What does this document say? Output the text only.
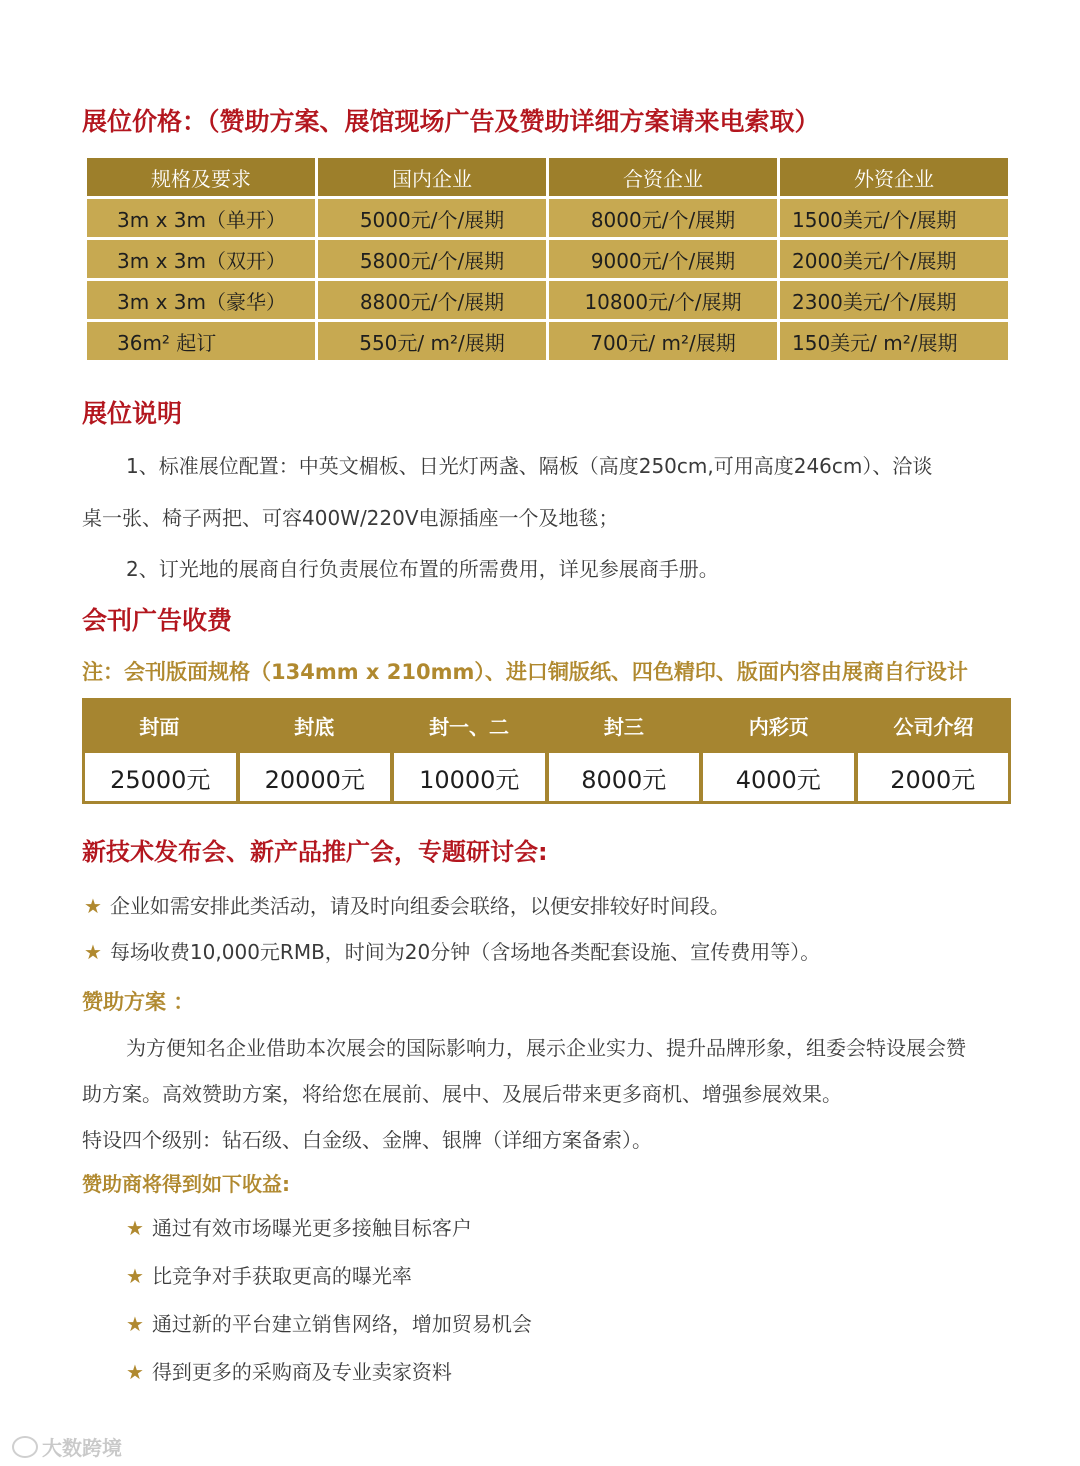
展位价格：（赞助方案、展馆现场广告及赞助详细方案请来电索取）
规格及要求	国内企业	合资企业	外资企业
3m x 3m（单开）	5000元/个/展期	8000元/个/展期	1500美元/个/展期
3m x 3m（双开）	5800元/个/展期	9000元/个/展期	2000美元/个/展期
3m x 3m（豪华）	8800元/个/展期	10800元/个/展期	2300美元/个/展期
36m² 起订	550元/ m²/展期	700元/ m²/展期	150美元/ m²/展期
展位说明
1、标准展位配置：中英文楣板、日光灯两盏、隔板（高度250cm,可用高度246cm）、洽谈
桌一张、椅子两把、可容400W/220V电源插座一个及地毯；
2、订光地的展商自行负责展位布置的所需费用，详见参展商手册。
会刊广告收费
注：会刊版面规格（134mm x 210mm）、进口铜版纸、四色精印、版面内容由展商自行设计
封面	封底	封一、二	封三	内彩页	公司介绍
25000元	20000元	10000元	8000元	4000元	2000元
新技术发布会、新产品推广会，专题研讨会:
★ 企业如需安排此类活动，请及时向组委会联络，以便安排较好时间段。
★ 每场收费10,000元RMB，时间为20分钟（含场地各类配套设施、宣传费用等）。
赞助方案 ：
为方便知名企业借助本次展会的国际影响力，展示企业实力、提升品牌形象，组委会特设展会赞
助方案。高效赞助方案，将给您在展前、展中、及展后带来更多商机、增强参展效果。
特设四个级别：钻石级、白金级、金牌、银牌（详细方案备索）。
赞助商将得到如下收益:
★ 通过有效市场曝光更多接触目标客户
★ 比竞争对手获取更高的曝光率
★ 通过新的平台建立销售网络，增加贸易机会
★ 得到更多的采购商及专业卖家资料
大数跨境
